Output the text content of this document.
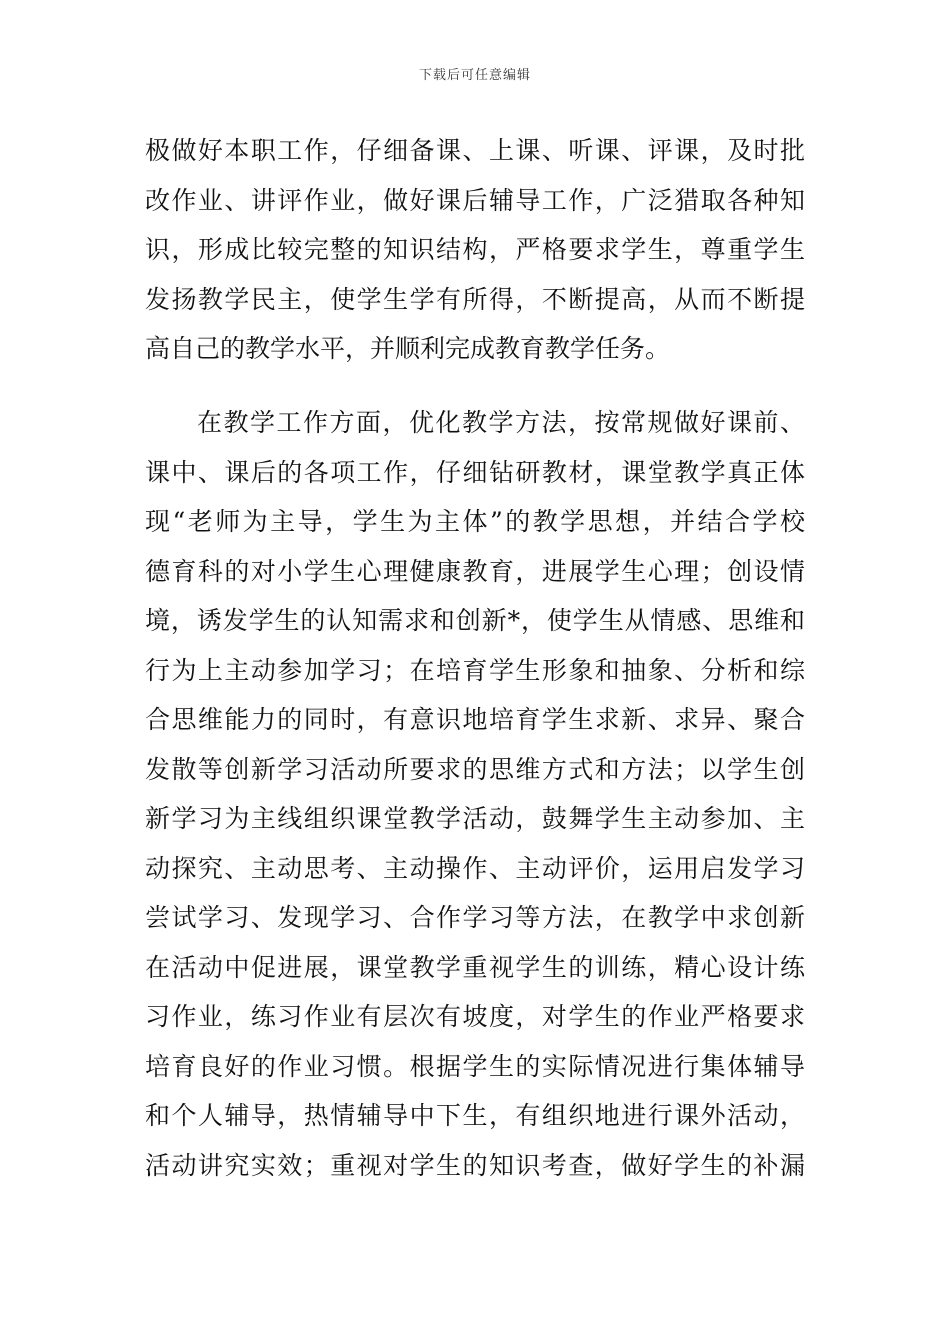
下载后可任意编辑
极做好本职工作，仔细备课、上课、听课、评课，及时批
改作业、讲评作业，做好课后辅导工作，广泛猎取各种知
识，形成比较完整的知识结构，严格要求学生，尊重学生
发扬教学民主，使学生学有所得，不断提高，从而不断提
高自己的教学水平，并顺利完成教育教学任务。
在教学工作方面，优化教学方法，按常规做好课前、
课中、课后的各项工作，仔细钻研教材，课堂教学真正体
现“老师为主导，学生为主体”的教学思想，并结合学校
德育科的对小学生心理健康教育，进展学生心理；创设情
境，诱发学生的认知需求和创新*，使学生从情感、思维和
行为上主动参加学习；在培育学生形象和抽象、分析和综
合思维能力的同时，有意识地培育学生求新、求异、聚合
发散等创新学习活动所要求的思维方式和方法；以学生创
新学习为主线组织课堂教学活动，鼓舞学生主动参加、主
动探究、主动思考、主动操作、主动评价，运用启发学习
尝试学习、发现学习、合作学习等方法，在教学中求创新
在活动中促进展，课堂教学重视学生的训练，精心设计练
习作业，练习作业有层次有坡度，对学生的作业严格要求
培育良好的作业习惯。根据学生的实际情况进行集体辅导
和个人辅导，热情辅导中下生，有组织地进行课外活动，
活动讲究实效；重视对学生的知识考查，做好学生的补漏
